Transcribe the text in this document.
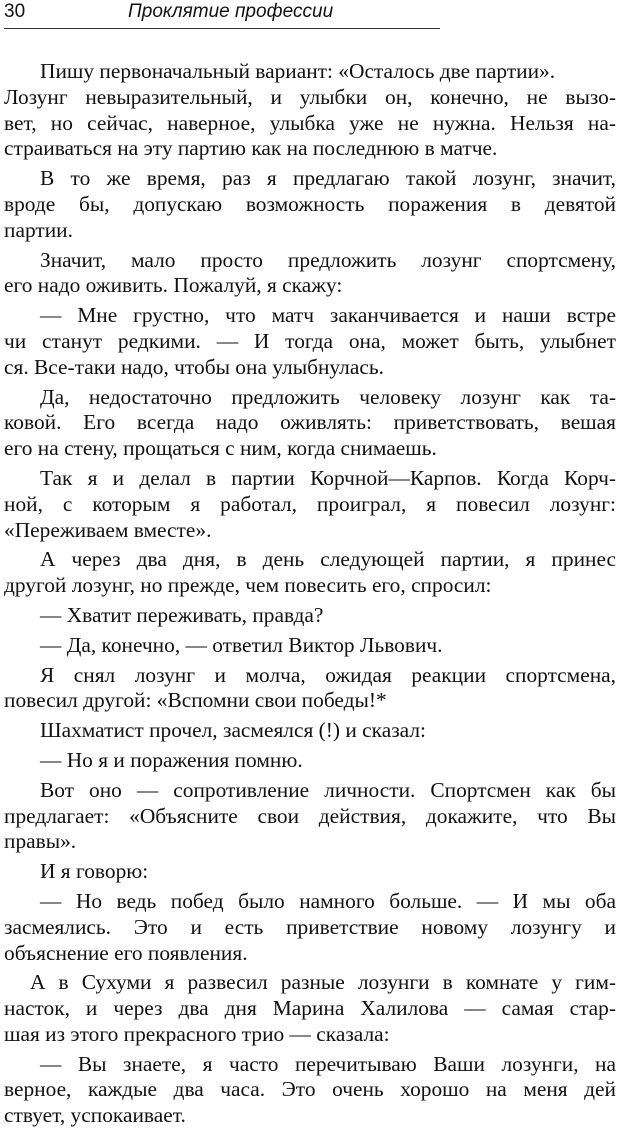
30	Проклятие профессии
Пишу первоначальный вариант: «Осталось две партии».
Лозунг невыразительный, и улыбки он, конечно, не вызо-
вет, но сейчас, наверное, улыбка уже не нужна. Нельзя на-
страиваться на эту партию как на последнюю в матче.
В то же время, раз я предлагаю такой лозунг, значит,
вроде бы, допускаю возможность поражения в девятой
партии.
Значит, мало просто предложить лозунг спортсмену,
его надо оживить. Пожалуй, я скажу:
— Мне грустно, что матч заканчивается и наши встре
чи станут редкими. — И тогда она, может быть, улыбнет
ся. Все-таки надо, чтобы она улыбнулась.
Да, недостаточно предложить человеку лозунг как та-
ковой. Его всегда надо оживлять: приветствовать, вешая
его на стену, прощаться с ним, когда снимаешь.
Так я и делал в партии Корчной—Карпов. Когда Корч-
ной, с которым я работал, проиграл, я повесил лозунг:
«Переживаем вместе».
А через два дня, в день следующей партии, я принес
другой лозунг, но прежде, чем повесить его, спросил:
— Хватит переживать, правда?
— Да, конечно, — ответил Виктор Львович.
Я снял лозунг и молча, ожидая реакции спортсмена,
повесил другой: «Вспомни свои победы!*
Шахматист прочел, засмеялся (!) и сказал:
— Но я и поражения помню.
Вот оно — сопротивление личности. Спортсмен как бы
предлагает: «Объясните свои действия, докажите, что Вы
правы».
И я говорю:
— Но ведь побед было намного больше. — И мы оба
засмеялись. Это и есть приветствие новому лозунгу и
объяснение его появления.
А в Сухуми я развесил разные лозунги в комнате у гим-
насток, и через два дня Марина Халилова — самая стар-
шая из этого прекрасного трио — сказала:
— Вы знаете, я часто перечитываю Ваши лозунги, на
верное, каждые два часа. Это очень хорошо на меня дей
ствует, успокаивает.
